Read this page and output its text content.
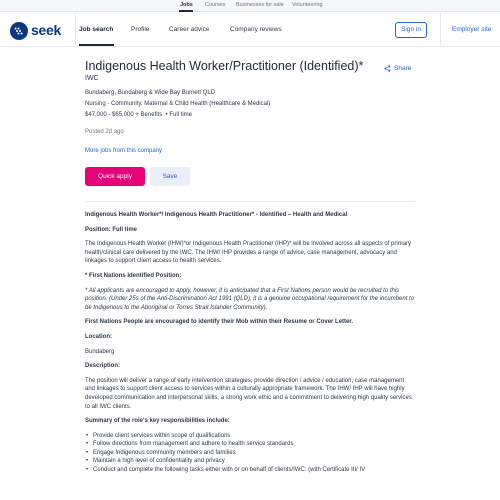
Jobs Courses Businesses for sale Volunteering
seek	Job search	Profile	Career advice	Company reviews	Sign in	Employer site
Indigenous Health Worker/Practitioner (Identified)*	Share
IWC
Bundaberg, Bundaberg & Wide Bay Burnett QLD
Nursing - Community, Maternal & Child Health (Healthcare & Medical)
$47,000 - $65,000 + Benefits  • Full time
Posted 2d ago
More jobs from this company
Quick apply	Save

Indigenous Health Worker*/ Indigenous Health Practitioner* - Identified – Health and Medical

Position: Full time

The Indigenous Health Worker (IHW)*or Indigenous Health Practitioner (IHP)* will be involved across all aspects of primary health/clinical care delivered by the IWC. The IHW/ IHP provides a range of advice, case management, advocacy and linkages to support client access to health services.

* First Nations Identified Position:

* All applicants are encouraged to apply, however, it is anticipated that a First Nations person would be recruited to this position. (Under 25s of the Anti-Discrimination Act 1991 (QLD), it is a genuine occupational requirement for the incumbent to be Indigenous to the Aboriginal or Torres Strait Islander Community).

First Nations People are encouraged to identify their Mob within their Resume or Cover Letter.

Location:

Bundaberg

Description:

The position will deliver a range of early intervention strategies, provide direction / advice / education, case management and linkages to support client access to services within a culturally appropriate framework. The IHW/ IHP will have highly developed communication and interpersonal skills, a strong work ethic and a commitment to delivering high quality services to all IWC clients.

Summary of the role's key responsibilities include:

• Provide client services within scope of qualifications
• Follow directions from management and adhere to health service standards
• Engage Indigenous community members and families
• Maintain a high level of confidentiality and privacy
• Conduct and complete the following tasks either with or on behalf of clients/IWC: (with Certificate III/ IV
